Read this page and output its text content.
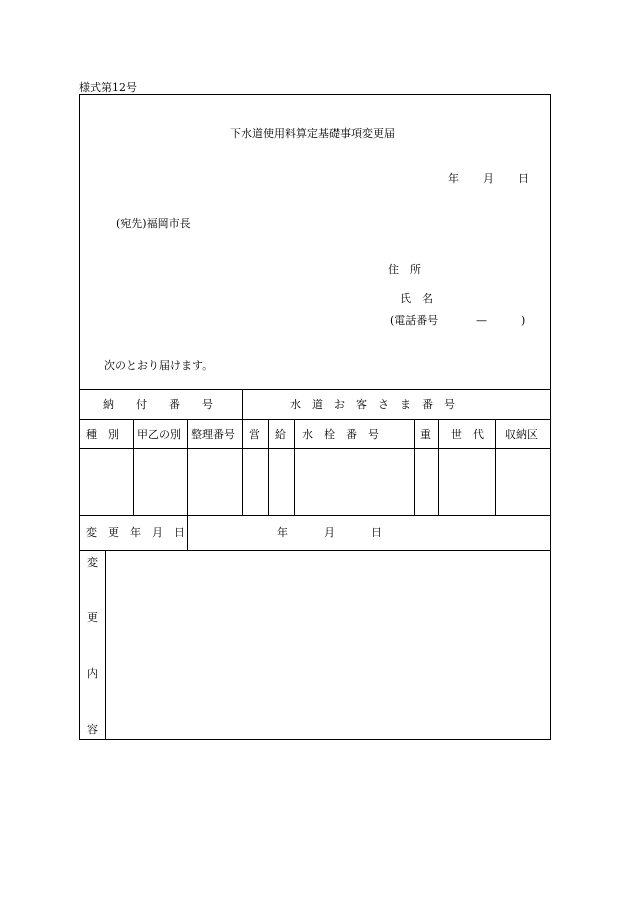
様式第12号
下水道使用料算定基礎事項変更届
年 月 日
(宛先)福岡市長
住　所
氏　名
(電話番号	—	)
次のとおり届けます。
納　　付　　番　　号	水　道　お　客　さ　ま　番　号
種　別 甲乙の別 整理番号 営 給 水　栓　番　号	重 世　代 収納区
変　更　年　月　日	年	月	日
変
更
内
容
